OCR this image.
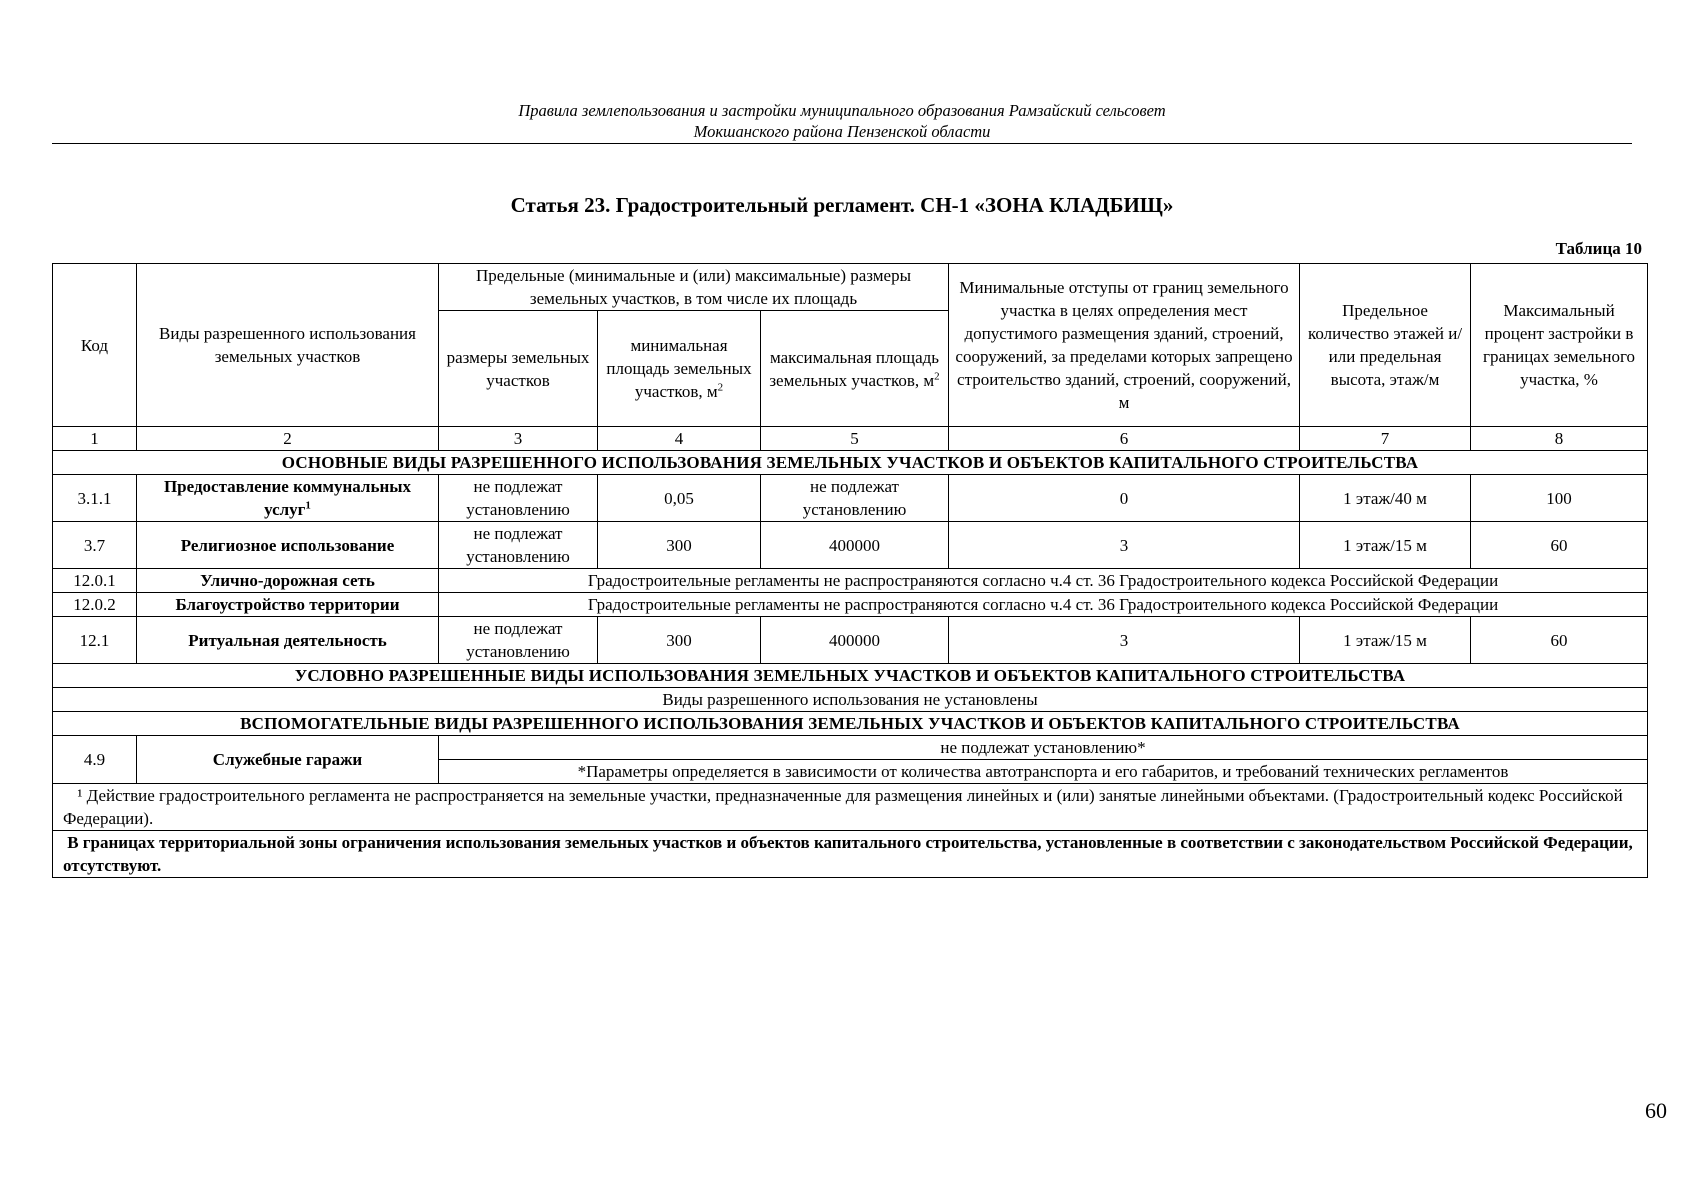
Правила землепользования и застройки муниципального образования Рамзайский сельсовет
Мокшанского района Пензенской области
Статья 23. Градостроительный регламент. СН-1 «ЗОНА КЛАДБИЩ»
Таблица 10
Код	Виды разрешенного использования земельных участков	Предельные (минимальные и (или) максимальные) размеры земельных участков, в том числе их площадь			Минимальные отступы от границ земельного участка в целях определения мест допустимого размещения зданий, строений, сооружений, за пределами которых запрещено строительство зданий, строений, сооружений, м	Предельное количество этажей и/или предельная высота, этаж/м	Максимальный процент застройки в границах земельного участка, %
		размеры земельных участков	минимальная площадь земельных участков, $м^2$	максимальная площадь земельных участков, $м^2$
1	2	3	4	5	6	7	8
ОСНОВНЫЕ ВИДЫ РАЗРЕШЕННОГО ИСПОЛЬЗОВАНИЯ ЗЕМЕЛЬНЫХ УЧАСТКОВ И ОБЪЕКТОВ КАПИТАЛЬНОГО СТРОИТЕЛЬСТВА							
3.1.1	Предоставление коммунальных услуг$^1$	не подлежат установлению	0,05	не подлежат установлению	0	1 этаж/40 м	100
3.7	Религиозное использование	не подлежат установлению	300	400000	3	1 этаж/15 м	60
12.0.1	Улично-дорожная сеть	Градостроительные регламенты не распространяются согласно ч.4 ст. 36 Градостроительного кодекса Российской Федерации					
12.0.2	Благоустройство территории	Градостроительные регламенты не распространяются согласно ч.4 ст. 36 Градостроительного кодекса Российской Федерации					
12.1	Ритуальная деятельность	не подлежат установлению	300	400000	3	1 этаж/15 м	60
УСЛОВНО РАЗРЕШЕННЫЕ ВИДЫ ИСПОЛЬЗОВАНИЯ ЗЕМЕЛЬНЫХ УЧАСТКОВ И ОБЪЕКТОВ КАПИТАЛЬНОГО СТРОИТЕЛЬСТВА							
Виды разрешенного использования не установлены							
ВСПОМОГАТЕЛЬНЫЕ ВИДЫ РАЗРЕШЕННОГО ИСПОЛЬЗОВАНИЯ ЗЕМЕЛЬНЫХ УЧАСТКОВ И ОБЪЕКТОВ КАПИТАЛЬНОГО СТРОИТЕЛЬСТВА							
4.9	Служебные гаражи	не подлежат установлению*					
		*Параметры определяется в зависимости от количества автотранспорта и его габаритов, и требований технических регламентов					
¹ Действие градостроительного регламента не распространяется на земельные участки, предназначенные для размещения линейных и (или) занятые линейными объектами. (Градостроительный кодекс Российской Федерации).							
В границах территориальной зоны ограничения использования земельных участков и объектов капитального строительства, установленные в соответствии с законодательством Российской Федерации, отсутствуют.							
60
